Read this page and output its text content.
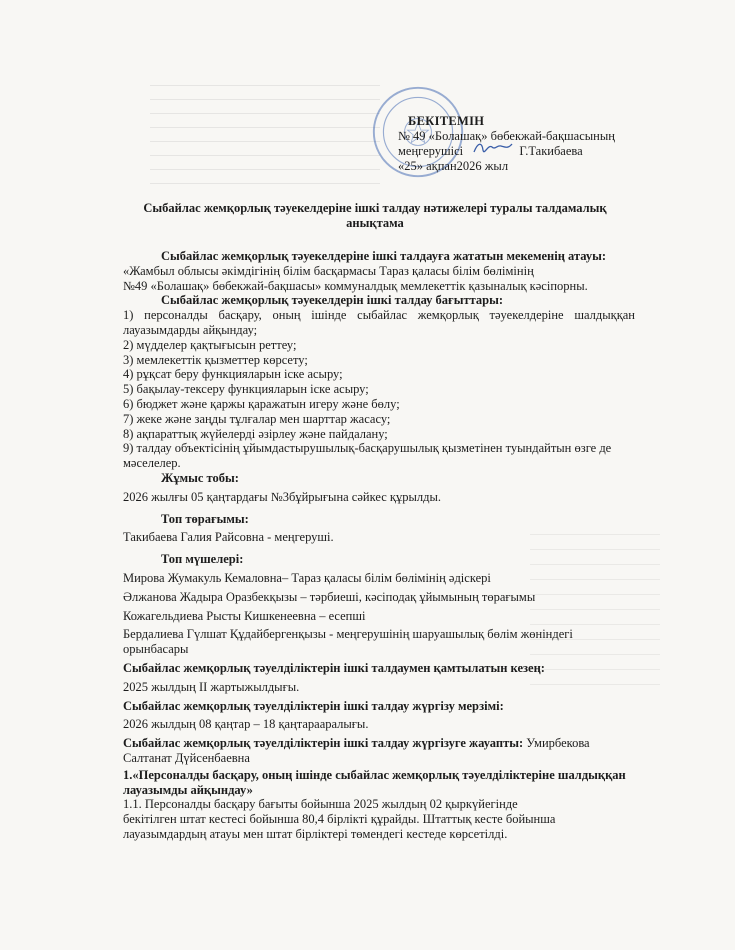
БЕКІТЕМІН
№ 49 «Болашақ» бөбекжай-бақшасының
меңгерушісі	Г.Такибаева
«25» ақпан2026 жыл
Сыбайлас жемқорлық тәуекелдеріне ішкі талдау нәтижелері туралы талдамалық анықтама

Сыбайлас жемқорлық тәуекелдеріне ішкі талдауға жататын мекеменің атауы:

«Жамбыл облысы әкімдігінің білім басқармасы Тараз қаласы білім бөлімінің

№49 «Болашақ» бөбекжай-бақшасы» коммуналдық мемлекеттік қазыналық кәсіпорны.

Сыбайлас жемқорлық тәуекелдерін ішкі талдау бағыттары:

1) персоналды басқару, оның ішінде сыбайлас жемқорлық тәуекелдеріне шалдыққан лауазымдарды айқындау;

2) мүдделер қақтығысын реттеу;

3) мемлекеттік қызметтер көрсету;

4) рұқсат беру функцияларын іске асыру;

5) бақылау-тексеру функцияларын іске асыру;

6) бюджет және қаржы қаражатын игеру және бөлу;

7) жеке және заңды тұлғалар мен шарттар жасасу;

8) ақпараттық жүйелерді әзірлеу және пайдалану;

9) талдау объектісінің ұйымдастырушылық-басқарушылық қызметінен туындайтын өзге де мәселелер.

Жұмыс тобы:

2026 жылғы 05 қаңтардағы №3бұйрығына сәйкес құрылды.

Топ төрағымы:

Такибаева Галия Райсовна - меңгеруші.

Топ мүшелері:

Мирова Жумакуль Кемаловна– Тараз қаласы білім бөлімінің әдіскері

Әлжанова Жадыра Оразбекқызы – тәрбиеші, кәсіподақ ұйымының төрағымы

Кожагельдиева Рысты Кишкенеевна – есепші

Бердалиева Гүлшат Құдайбергенқызы - меңгерушінің шаруашылық бөлім жөніндегі орынбасары

Сыбайлас жемқорлық тәуелділіктерін ішкі талдаумен қамтылатын кезең:

2025 жылдың ІІ жартыжылдығы.

Сыбайлас жемқорлық тәуелділіктерін ішкі талдау жүргізу мерзімі:

2026 жылдың 08 қаңтар – 18 қаңтарааралығы.

Сыбайлас жемқорлық тәуелділіктерін ішкі талдау жүргізуге жауапты: Умирбекова Салтанат Дүйсенбаевна

1.«Персоналды басқару, оның ішінде сыбайлас жемқорлық тәуелділіктеріне шалдыққан лауазымды айқындау»

1.1. Персоналды басқару бағыты бойынша 2025 жылдың 02 қыркүйегінде

бекітілген штат кестесі бойынша 80,4 бірлікті құрайды. Штаттық кесте бойынша

лауазымдардың атауы мен штат бірліктері төмендегі кестеде көрсетілді.
